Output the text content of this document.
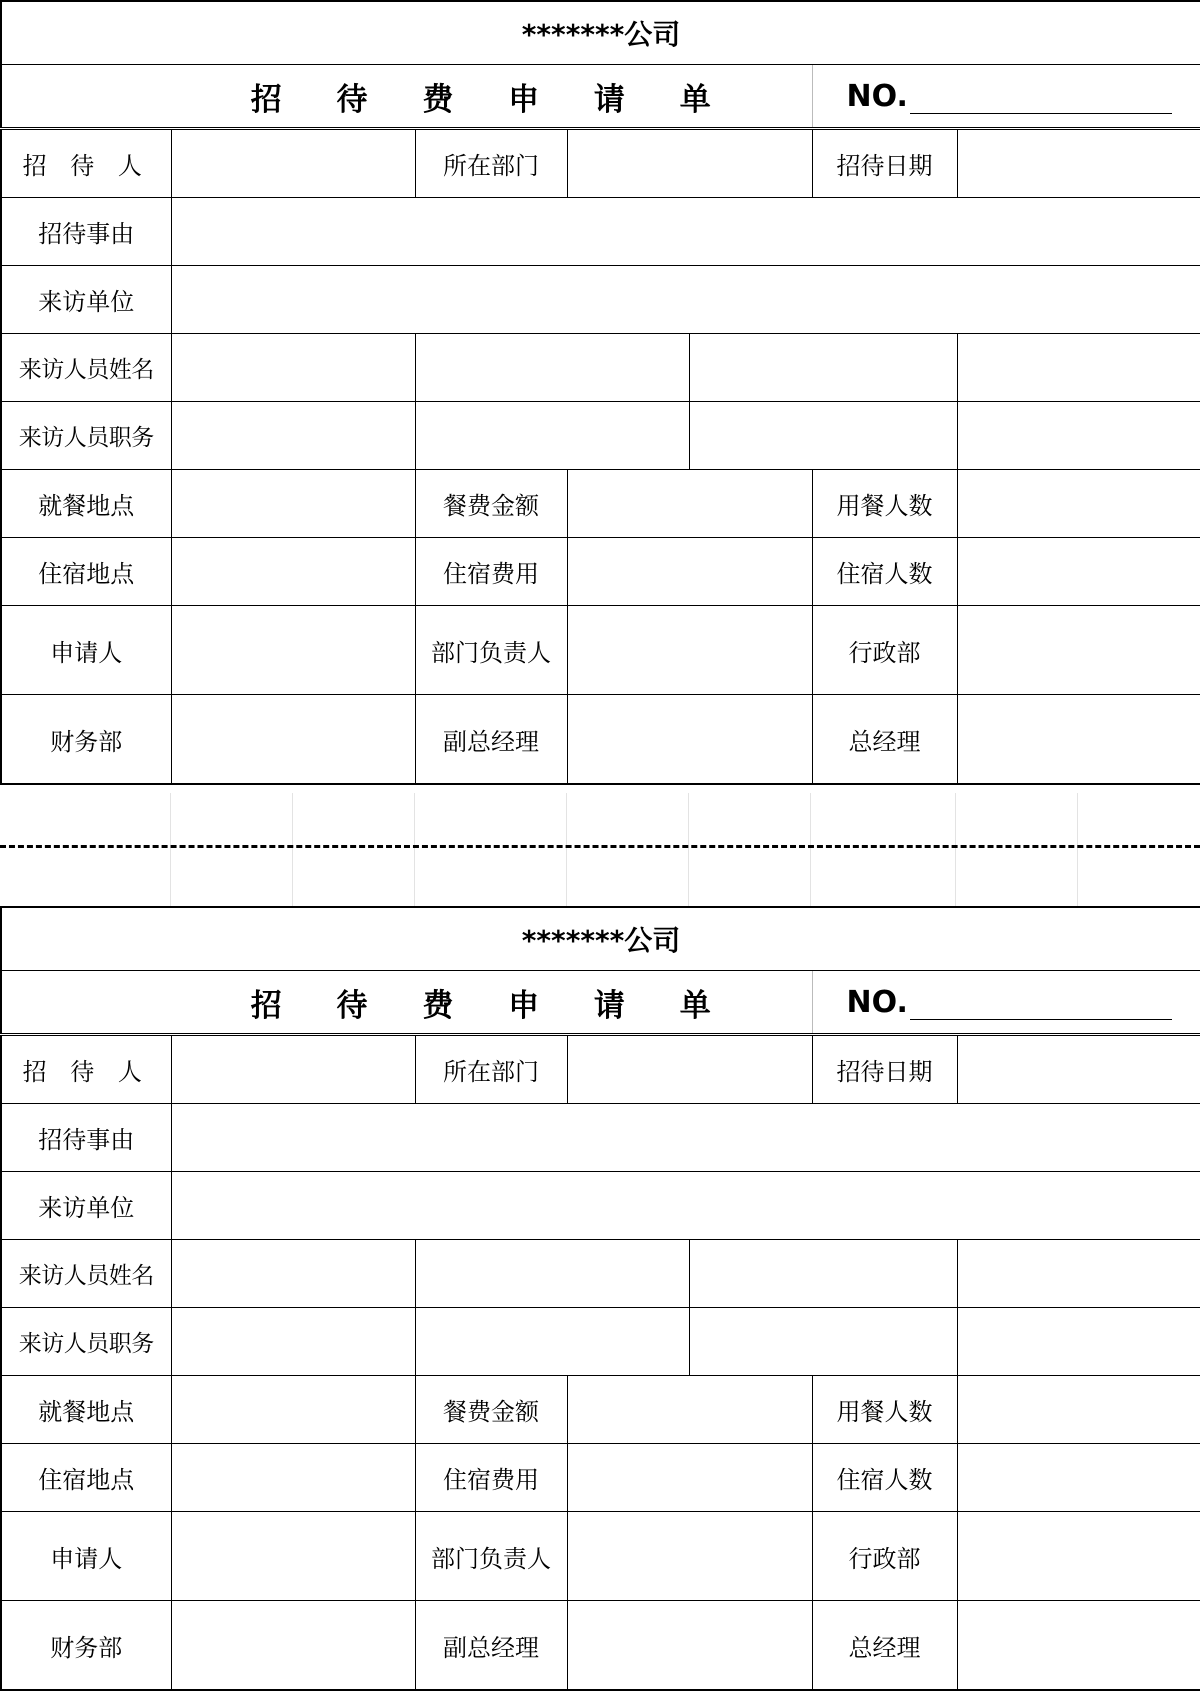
*******公司						
招 待 费 申 请 单					NO.	
招 待 人		所在部门			招待日期	
招待事由						
来访单位						
来访人员姓名						
来访人员职务						
就餐地点		餐费金额			用餐人数	
住宿地点		住宿费用			住宿人数	
申请人		部门负责人			行政部	
财务部		副总经理			总经理	
*******公司						
招 待 费 申 请 单					NO.	
招 待 人		所在部门			招待日期	
招待事由						
来访单位						
来访人员姓名						
来访人员职务						
就餐地点		餐费金额			用餐人数	
住宿地点		住宿费用			住宿人数	
申请人		部门负责人			行政部	
财务部		副总经理			总经理	
